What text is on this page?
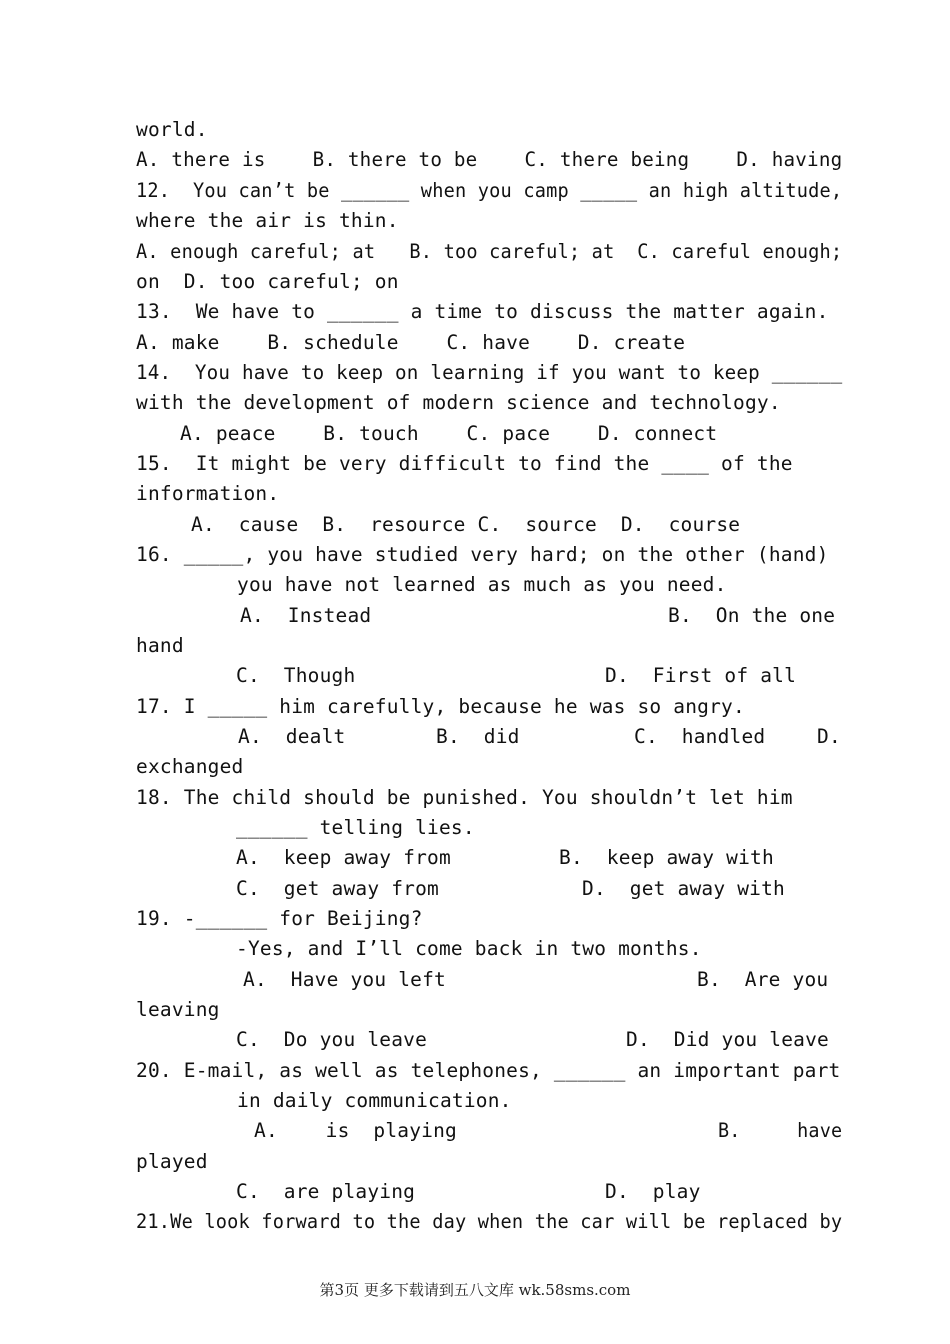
world.
A. there is    B. there to be    C. there being    D. having
12.  You can’t be ______ when you camp _____ an high altitude,
where the air is thin.
A. enough careful; at   B. too careful; at  C. careful enough;
on  D. too careful; on
13.  We have to ______ a time to discuss the matter again.
A. make    B. schedule    C. have    D. create
14.  You have to keep on learning if you want to keep ______
with the development of modern science and technology.
A. peace    B. touch    C. pace    D. connect
15.  It might be very difficult to find the ____ of the
information.
A.  cause  B.  resource C.  source  D.  course
16. _____, you have studied very hard; on the other (hand)
you have not learned as much as you need.
A.  Instead	B.  On the one
hand
C.  Though	D.  First of all
17. I _____ him carefully, because he was so angry.
A.  dealt	B.  did	C.  handled	D.
exchanged
18. The child should be punished. You shouldn’t let him
______ telling lies.
A.  keep away from	B.  keep away with
C.  get away from	D.  get away with
19. -______ for Beijing?
-Yes, and I’ll come back in two months.
A.  Have you left	B.  Are you
leaving
C.  Do you leave	D.  Did you leave
20. E-mail, as well as telephones, ______ an important part
in daily communication.
A.    is  playing	B.     have
played
C.  are playing	D.  play
21.We look forward to the day when the car will be replaced by
第3页 更多下载请到五八文库 wk.58sms.com
